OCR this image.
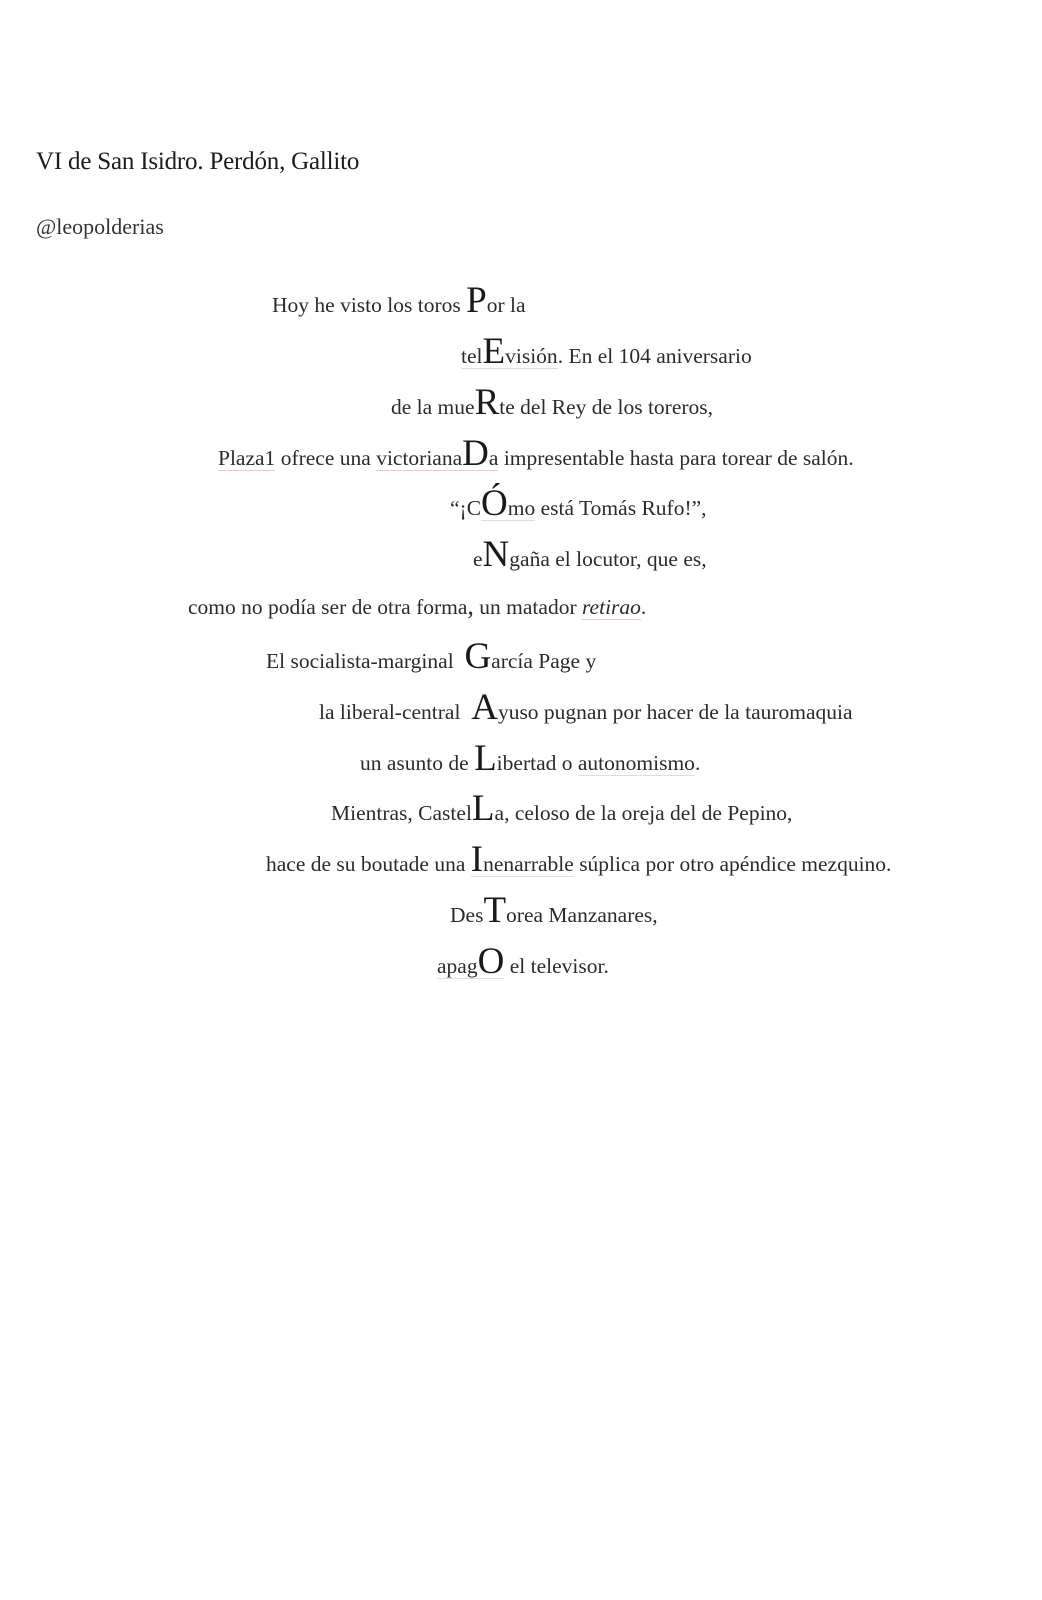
VI de San Isidro. Perdón, Gallito
@leopolderias
Hoy he visto los toros Por la
telEvisión. En el 104 aniversario
de la mueRte del Rey de los toreros,
Plaza1 ofrece una victorianaDa impresentable hasta para torear de salón.
“¡CÓmo está Tomás Rufo!”,
eNgaña el locutor, que es,
como no podía ser de otra forma, un matador retirao.
El socialista-marginal  García Page y
la liberal-central  Ayuso pugnan por hacer de la tauromaquia
un asunto de Libertad o autonomismo.
Mientras, CastelLa, celoso de la oreja del de Pepino,
hace de su boutade una Inenarrable súplica por otro apéndice mezquino.
DesTorea Manzanares,
apagO el televisor.
